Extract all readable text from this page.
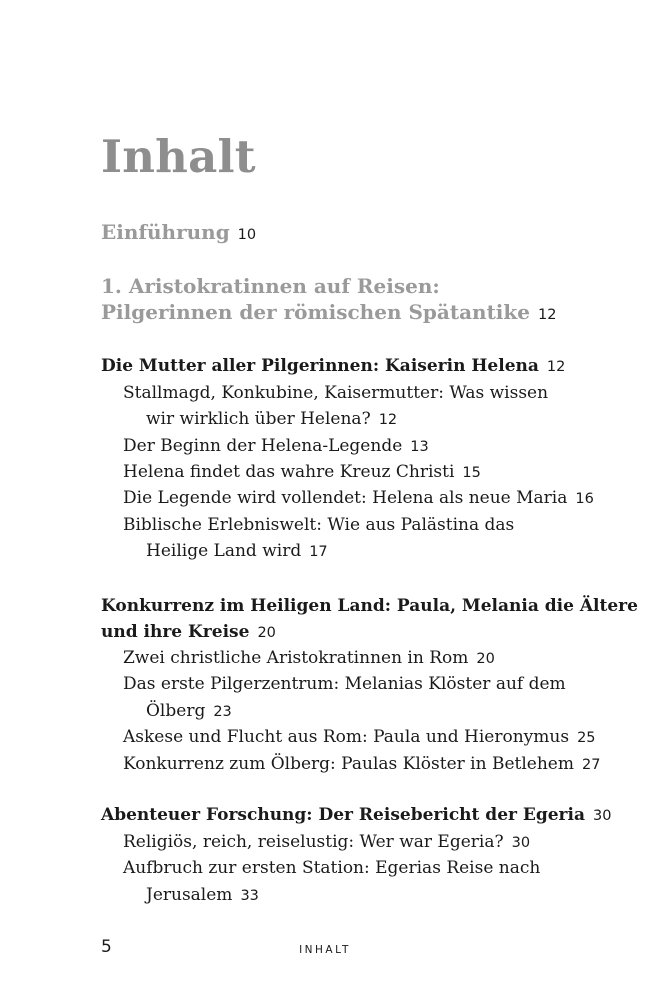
Inhalt
Einführung 10
1. Aristokratinnen auf Reisen:
Pilgerinnen der römischen Spätantike 12
Die Mutter aller Pilgerinnen: Kaiserin Helena 12
Stallmagd, Konkubine, Kaisermutter: Was wissen
wir wirklich über Helena? 12
Der Beginn der Helena-Legende 13
Helena findet das wahre Kreuz Christi 15
Die Legende wird vollendet: Helena als neue Maria 16
Biblische Erlebniswelt: Wie aus Palästina das
Heilige Land wird 17
Konkurrenz im Heiligen Land: Paula, Melania die Ältere
und ihre Kreise 20
Zwei christliche Aristokratinnen in Rom 20
Das erste Pilgerzentrum: Melanias Klöster auf dem
Ölberg 23
Askese und Flucht aus Rom: Paula und Hieronymus 25
Konkurrenz zum Ölberg: Paulas Klöster in Betlehem 27
Abenteuer Forschung: Der Reisebericht der Egeria 30
Religiös, reich, reiselustig: Wer war Egeria? 30
Aufbruch zur ersten Station: Egerias Reise nach
Jerusalem 33
5	INHALT
